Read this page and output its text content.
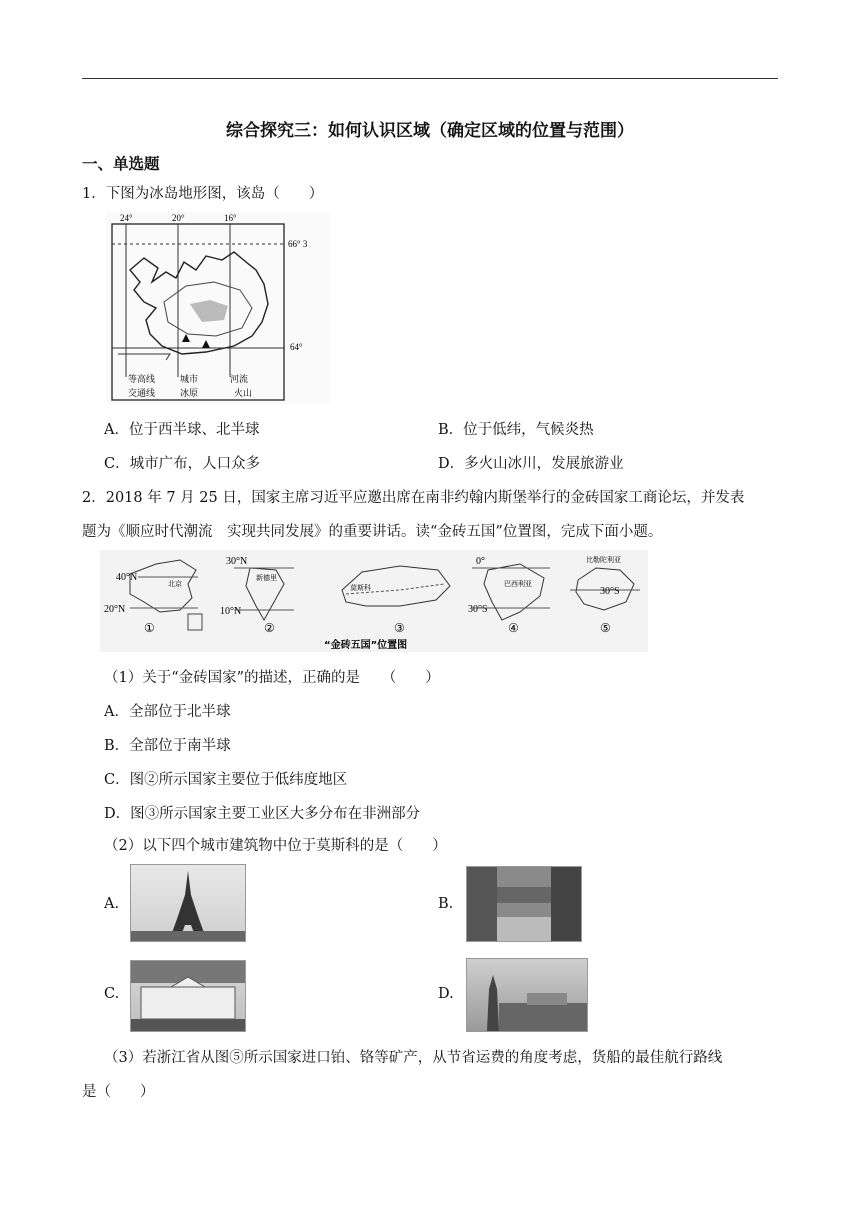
综合探究三：如何认识区域（确定区域的位置与范围）
一、单选题
1．下图为冰岛地形图，该岛（　　）
24°	20°	16°
66° 3
64°
等高线	城市	河流
交通线	冰原	火山
A．位于西半球、北半球	B．位于低纬，气候炎热
C．城市广布，人口众多	D．多火山冰川，发展旅游业
2．2018 年 7 月 25 日，国家主席习近平应邀出席在南非约翰内斯堡举行的金砖国家工商论坛，并发表
题为《顺应时代潮流　实现共同发展》的重要讲话。读“金砖五国”位置图，完成下面小题。
40°N
20°N
北京
①
30°N
10°N
新德里
②
莫斯科
③
0°
30°S
巴西利亚
④
比勒陀利亚
30°S
⑤
“金砖五国”位置图
（1）关于“金砖国家”的描述，正确的是　　（　　）
A．全部位于北半球
B．全部位于南半球
C．图②所示国家主要位于低纬度地区
D．图③所示国家主要工业区大多分布在非洲部分
（2）以下四个城市建筑物中位于莫斯科的是（　　）
A.	B.
C.	D.
（3）若浙江省从图⑤所示国家进口铂、铬等矿产，从节省运费的角度考虑，货船的最佳航行路线
是（　　）
